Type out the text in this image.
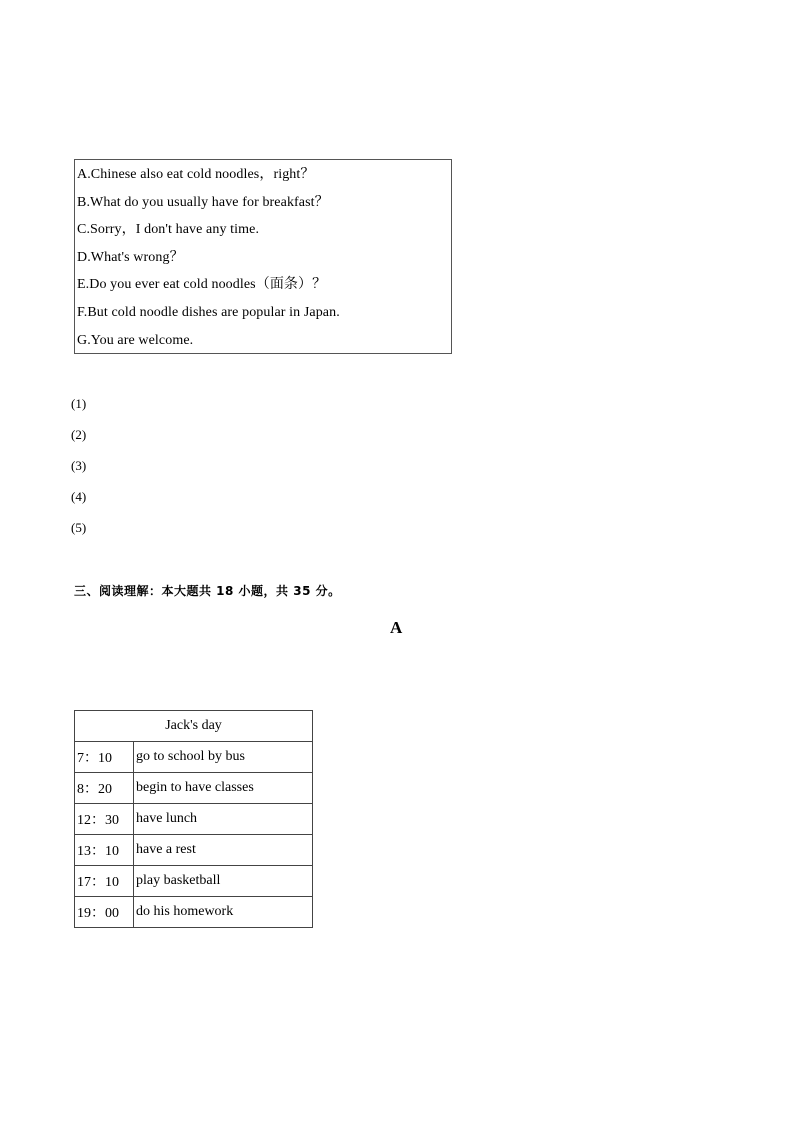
A.Chinese also eat cold noodles，right？
B.What do you usually have for breakfast？
C.Sorry，I don't have any time.
D.What's wrong？
E.Do you ever eat cold noodles（面条）？
F.But cold noodle dishes are popular in Japan.
G.You are welcome.
(1)
(2)
(3)
(4)
(5)
三、阅读理解：本大题共 18 小题，共 35 分。
A
Jack's day	
7：10	go to school by bus
8：20	begin to have classes
12：30	have lunch
13：10	have a rest
17：10	play basketball
19：00	do his homework
